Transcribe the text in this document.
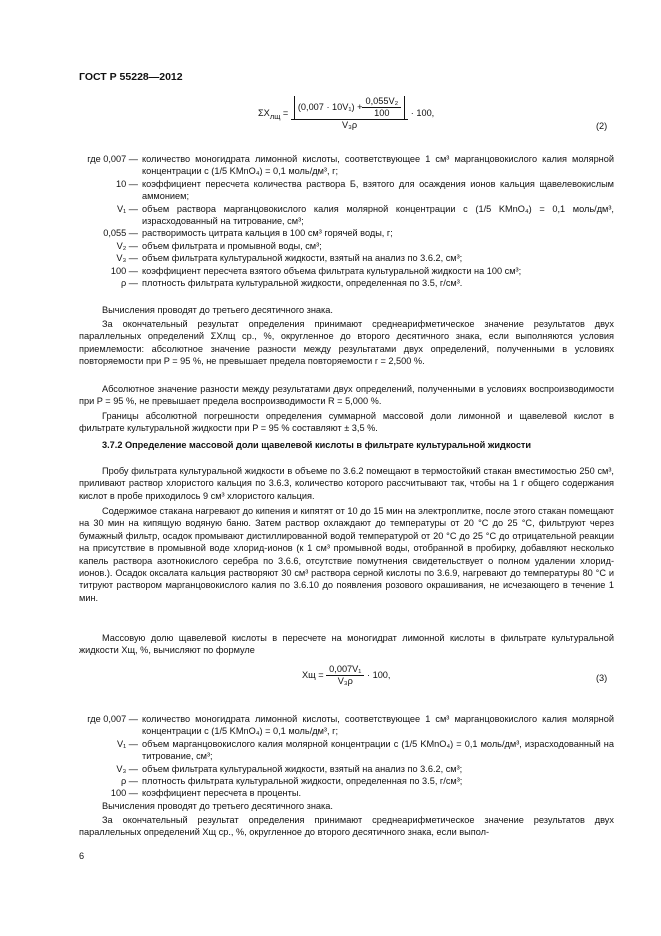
ГОСТ Р 55228—2012
$\Sigma X_{лщ}$ =
$(0,007 \cdot 10V_1) + \frac{\text{0,055V₂}}{100}$
V₃ρ
· 100,
(2)
где 0,007 — количество моногидрата лимонной кислоты, соответствующее 1 см³ марганцовокислого калия молярной концентрации c (1/5 KMnO₄) = 0,1 моль/дм³, г;
10 — коэффициент пересчета количества раствора Б, взятого для осаждения ионов кальция щавелевокислым аммонием;
V₁ — объем раствора марганцовокислого калия молярной концентрации c (1/5 KMnO₄) = 0,1 моль/дм³, израсходованный на титрование, см³;
0,055 — растворимость цитрата кальция в 100 см³ горячей воды, г;
V₂ — объем фильтрата и промывной воды, см³;
V₃ — объем фильтрата культуральной жидкости, взятый на анализ по 3.6.2, см³;
100 — коэффициент пересчета взятого объема фильтрата культуральной жидкости на 100 см³;
ρ — плотность фильтрата культуральной жидкости, определенная по 3.5, г/см³.
Вычисления проводят до третьего десятичного знака.
За окончательный результат определения принимают среднеарифметическое значение результатов двух параллельных определений ΣXлщ ср., %, округленное до второго десятичного знака, если выполняются условия приемлемости: абсолютное значение разности между результатами двух определений, полученными в условиях повторяемости при P = 95 %, не превышает предела повторяемости r = 2,500 %.
Абсолютное значение разности между результатами двух определений, полученными в условиях воспроизводимости при P = 95 %, не превышает предела воспроизводимости R = 5,000 %.
Границы абсолютной погрешности определения суммарной массовой доли лимонной и щавелевой кислот в фильтрате культуральной жидкости при P = 95 % составляют ± 3,5 %.
3.7.2 Определение массовой доли щавелевой кислоты в фильтрате культуральной жидкости
Пробу фильтрата культуральной жидкости в объеме по 3.6.2 помещают в термостойкий стакан вместимостью 250 см³, приливают раствор хлористого кальция по 3.6.3, количество которого рассчитывают так, чтобы на 1 г общего содержания кислот в пробе приходилось 9 см³ хлористого кальция.
Содержимое стакана нагревают до кипения и кипятят от 10 до 15 мин на электроплитке, после этого стакан помещают на 30 мин на кипящую водяную баню. Затем раствор охлаждают до температуры от 20 °С до 25 °С, фильтруют через бумажный фильтр, осадок промывают дистиллированной водой температурой от 20 °С до 25 °С до отрицательной реакции на присутствие в промывной воде хлорид-ионов (к 1 см³ промывной воды, отобранной в пробирку, добавляют несколько капель раствора азотнокислого серебра по 3.6.6, отсутствие помутнения свидетельствует о полном удалении хлорид-ионов.). Осадок оксалата кальция растворяют 30 см³ раствора серной кислоты по 3.6.9, нагревают до температуры 80 °С и титруют раствором марганцовокислого калия по 3.6.10 до появления розового окрашивания, не исчезающего в течение 1 мин.
Массовую долю щавелевой кислоты в пересчете на моногидрат лимонной кислоты в фильтрате культуральной жидкости Xщ, %, вычисляют по формуле
Xщ = $\frac{\text{0,007V₁}}{\text{V₃ρ}} \cdot 100$,	(3)
где 0,007 — количество моногидрата лимонной кислоты, соответствующее 1 см³ марганцовокислого калия молярной концентрации c (1/5 KMnO₄) = 0,1 моль/дм³, г;
V₁ — объем марганцовокислого калия молярной концентрации c (1/5 KMnO₄) = 0,1 моль/дм³, израсходованный на титрование, см³;
V₃ — объем фильтрата культуральной жидкости, взятый на анализ по 3.6.2, см³;
ρ — плотность фильтрата культуральной жидкости, определенная по 3.5, г/см³;
100 — коэффициент пересчета в проценты.
Вычисления проводят до третьего десятичного знака.
За окончательный результат определения принимают среднеарифметическое значение результатов двух параллельных определений Xщ ср., %, округленное до второго десятичного знака, если выпол-
6
